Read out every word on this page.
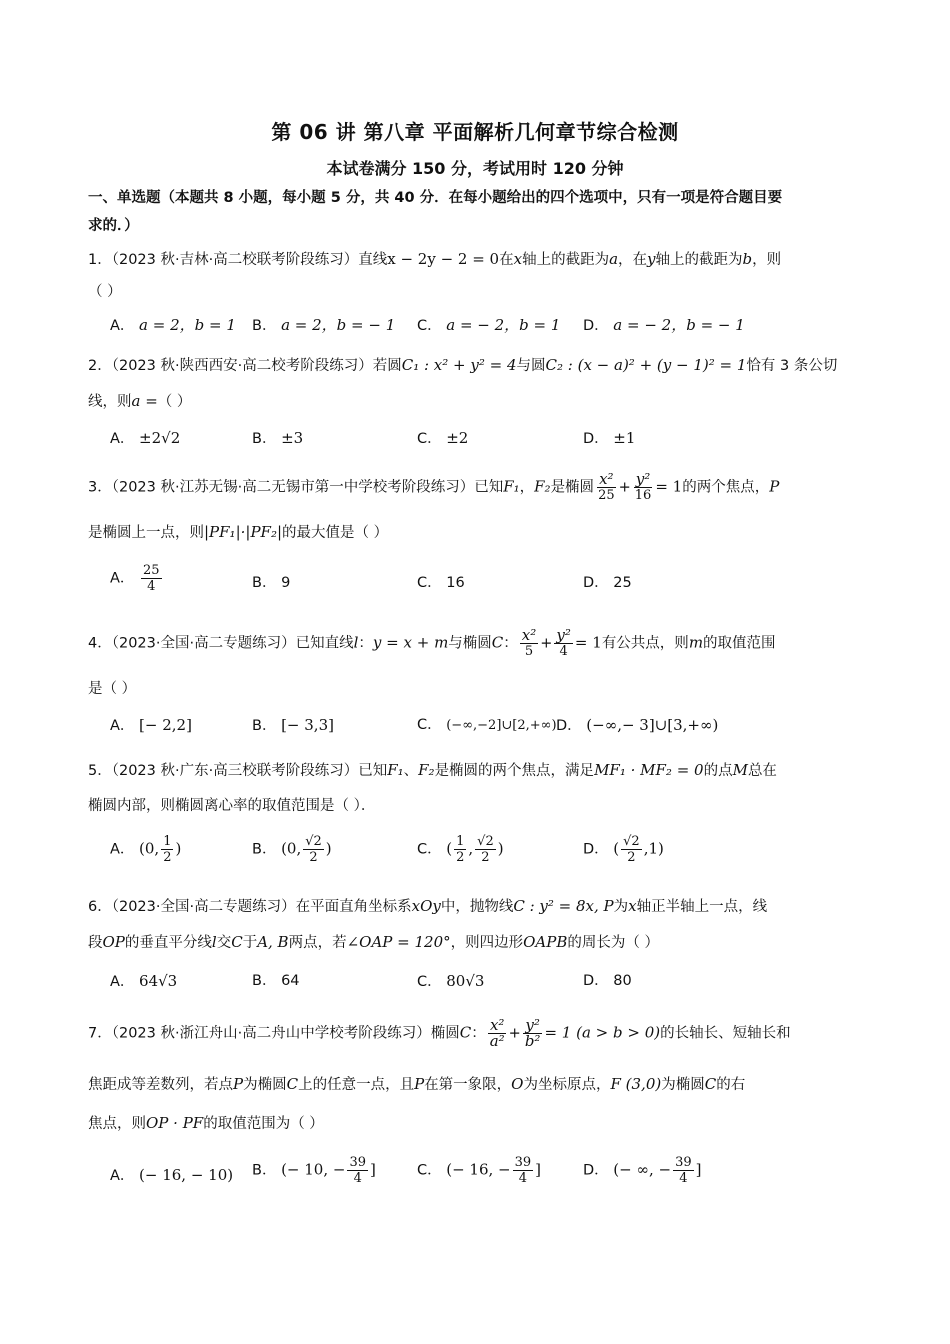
第 06 讲 第八章 平面解析几何章节综合检测
本试卷满分 150 分，考试用时 120 分钟
一、单选题（本题共 8 小题，每小题 5 分，共 40 分．在每小题给出的四个选项中，只有一项是符合题目要
求的．）
1．（2023 秋·吉林·高二校联考阶段练习）直线x − 2y − 2 = 0在x轴上的截距为a，在y轴上的截距为b，则
（ ）
A． a = 2，b = 1 B． a = 2，b = − 1 C． a = − 2，b = 1 D． a = − 2，b = − 1
2．（2023 秋·陕西西安·高二校考阶段练习）若圆C₁ : x² + y² = 4与圆C₂ : (x − a)² + (y − 1)² = 1恰有 3 条公切
线，则a =（ ）
A． ±2√2	B． ±3	C． ±2	D． ±1
3．（2023 秋·江苏无锡·高二无锡市第一中学校考阶段练习）已知F₁，F₂是椭圆 $\frac{\text{x²}}{25} + \frac{\text{y²}}{16} = 1$的两个焦点，P
是椭圆上一点，则|PF₁|·|PF₂|的最大值是（ ）
A． $\frac{25}{4}$	B． 9	C． 16	D． 25
4．（2023·全国·高二专题练习）已知直线l：y = x + m与椭圆C： $\frac{\text{x²}}{5} + \frac{\text{y²}}{4} = 1$有公共点，则m的取值范围
是（ ）
A． [− 2,2]	B． [− 3,3]	C． (−∞,−2]∪[2,+∞) D． (−∞,− 3]∪[3,+∞)
5．（2023 秋·广东·高三校联考阶段练习）已知F₁、F₂是椭圆的两个焦点，满足MF₁ · MF₂ = 0的点M总在
椭圆内部，则椭圆离心率的取值范围是（ ）．
A． (0, $\frac{1}{2}$ )	B． (0, $\frac{√2}{2}$ )	C． ( $\frac{1}{2}$ , $\frac{√2}{2}$ )	D． ( $\frac{√2}{2} ,1$)
6．（2023·全国·高二专题练习）在平面直角坐标系xOy中，抛物线C : y² = 8x, P为x轴正半轴上一点，线
段OP的垂直平分线l交C于A, B两点，若∠OAP = 120°，则四边形OAPB的周长为（ ）
A． 64√3	B． 64	C． 80√3	D． 80
7．（2023 秋·浙江舟山·高二舟山中学校考阶段练习）椭圆C： $\frac{\text{x²}}{\text{a²}} + \frac{\text{y²}}{\text{b²}} = 1$ (a > b > 0)的长轴长、短轴长和
焦距成等差数列，若点P为椭圆C上的任意一点，且P在第一象限，O为坐标原点，F (3,0)为椭圆C的右
焦点，则OP · PF的取值范围为（ ）
A． (− 16, − 10) B． (− 10, − $\frac{39}{4}$ ]	C． (− 16, − $\frac{39}{4}$ ]	D． (− ∞, − $\frac{39}{4}$ ]
